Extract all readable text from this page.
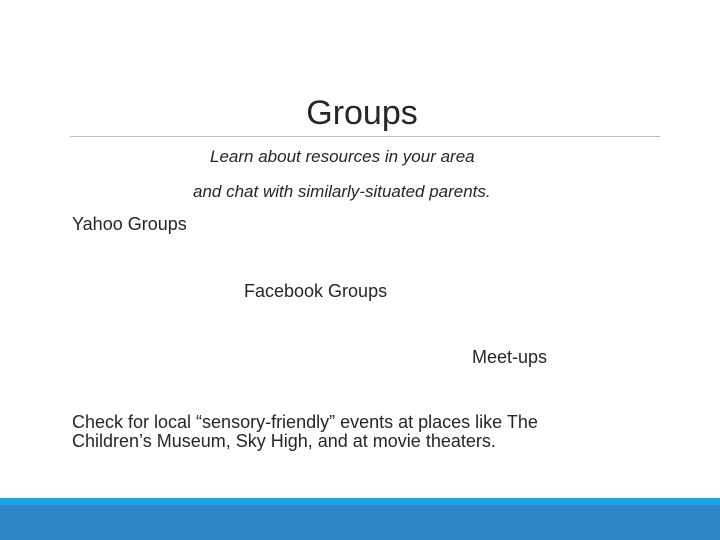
Groups
Learn about resources in your area
and chat with similarly-situated parents.
Yahoo Groups
Facebook Groups
Meet-ups
Check for local “sensory-friendly” events at places like The
Children’s Museum, Sky High, and at movie theaters.
